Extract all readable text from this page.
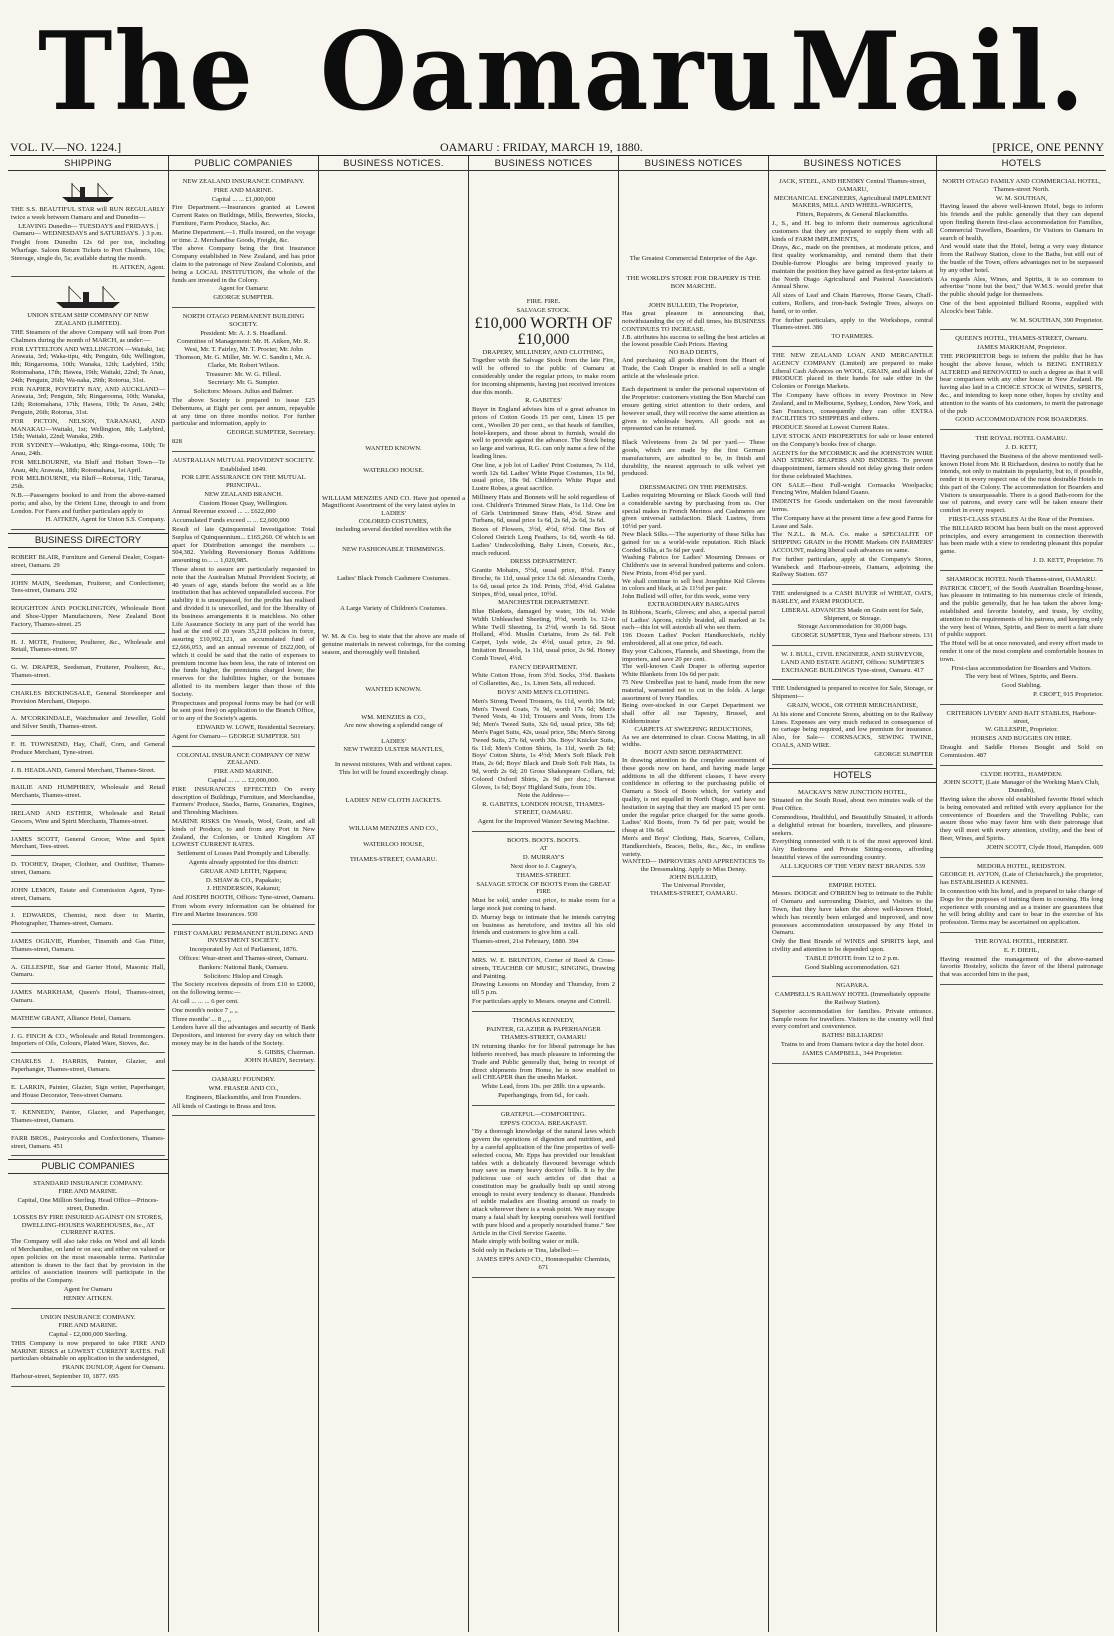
The Oamaru Mail.
VOL. IV.—NO. 1224.]	OAMARU : FRIDAY, MARCH 19, 1880.	[PRICE, ONE PENNY
SHIPPING

THE S.S. BEAUTIFUL STAR will RUN REGULARLY twice a week between Oamaru and and Dunedin—

LEAVING Dunedin— TUESDAYS and FRIDAYS. | Oamaru— WEDNESDAYS and SATURDAYS. } 3 p.m.

Freight from Dunedin 12s 6d per ton, including Wharfage. Saloon Return Tickets to Port Chalmers, 10s; Steerage, single do, 5s; available during the month.

H. AITKEN, Agent.

UNION STEAM SHIP COMPANY OF NEW ZEALAND (LIMITED).

THE Steamers of the above Company will sail from Port Chalmers during the month of MARCH, as under:—

FOR LYTTELTON AND WELLINGTON —Waitaki, 1st; Arawata, 3rd; Waka-tipu, 4th; Penguin, 6th; Wellington, 8th; Ringarooma, 10th; Wanaka, 12th; Ladybird, 15th; Rotomahana, 17th; Hawea, 19th; Waitaki, 22nd; Te Anau, 24th; Penguin, 26th; Wa-naka, 29th; Rotorua, 31st.

FOR NAPIER, POVERTY BAY, AND AUCKLAND—Arawata, 3rd; Penguin, 5th; Ringarooma, 10th; Wanaka, 12th; Rotomahana, 17th; Hawea, 19th; Te Anau, 24th; Penguin, 26th; Rotorua, 31st.

FOR PICTON, NELSON, TARANAKI, AND MANAKAU—Waitaki, 1st; Wellington, 8th; Ladybird, 15th; Waitaki, 22nd; Wanaka, 29th.

FOR SYDNEY—Wakatipu, 4th; Ringa-rooma, 10th; Te Anau, 24th.

FOR MELBOURNE, via Bluff and Hobart Town—Te Anau, 4th; Arawata, 18th; Rotomahana, 1st April.

FOR MELBOURNE, via Bluff—Rotorua, 11th; Tararua, 25th.

N.B.—Passengers booked to and from the above-named ports; and also, by the Orient Line, through to and from London. For Fares and further particulars apply to

H. AITKEN, Agent for Union S.S. Company.

BUSINESS DIRECTORY

ROBERT BLAIR, Furniture and General Dealer, Coquet-street, Oamaru. 29

JOHN MAIN, Seedsman, Fruiterer, and Confectioner, Tees-street, Oamaru. 292

ROUGHTON AND POCKLINGTON, Wholesale Boot and Shoe-Upper Manufacturers, New Zealand Boot Factory, Thames-street. 25

H. J. MOTE, Fruiterer, Poulterer, &c., Wholesale and Retail, Thames-street. 97

G. W. DRAPER, Seedsman, Fruiterer, Poulterer, &c., Thames-street.

CHARLES BECKINGSALE, General Storekeeper and Provision Merchant, Otepopo.

A. M'CORKINDALE, Watchmaker and Jeweller, Gold and Silver Smith, Thames-street.

F. H. TOWNSEND, Hay, Chaff, Corn, and General Produce Merchant, Tyne-street.

J. B. HEADLAND, General Merchant, Thames-Street.

BAILIE AND HUMPHREY, Wholesale and Retail Merchants, Thames-street.

IRELAND AND ESTHER, Wholesale and Retail Grocers, Wine and Spirit Merchants, Thames-street.

JAMES SCOTT, General Grocer, Wine and Spirit Merchant, Tees-street.

D. TOOHEY, Draper, Clothier, and Outfitter, Thames-street, Oamaru.

JOHN LEMON, Estate and Commission Agent, Tyne-street, Oamaru.

J. EDWARDS, Chemist, next door to Martin, Photographer, Thames-street, Oamaru.

JAMES OGILVIE, Plumber, Tinsmith and Gas Fitter, Thames-street, Oamaru.

A. GILLESPIE, Star and Garter Hotel, Masonic Hall, Oamaru.

JAMES MARKHAM, Queen's Hotel, Thames-street, Oamaru.

MATHEW GRANT, Alliance Hotel, Oamaru.

J. G. FINCH & CO., Wholesale and Retail Ironmongers. Importers of Oils, Colours, Plated Ware, Stoves, &c.

CHARLES J. HARRIS, Painter, Glazier, and Paperhanger, Thames-street, Oamaru.

E. LARKIN, Painter, Glazier, Sign writer, Paperhanger, and House Decorator, Tees-street Oamaru.

T. KENNEDY, Painter, Glazier, and Paperhanger, Thames-street, Oamaru.

FARR BROS., Pastrycooks and Confectioners, Thames-street, Oamaru. 451

PUBLIC COMPANIES

STANDARD INSURANCE COMPANY.

FIRE AND MARINE.

Capital, One Million Sterling. Head Office—Princes-street, Dunedin.

LOSSES BY FIRE INSURED AGAINST ON STORES, DWELLING-HOUSES WAREHOUSES, &c., AT CURRENT RATES.

The Company will also take risks on Wool and all kinds of Merchandise, on land or on sea; and either on valued or open policies on the most reasonable terms. Particular attention is drawn to the fact that by provision in the articles of association insurers will participate in the profits of the Company.

Agent for Oamaru

HENRY AITKEN.

UNION INSURANCE COMPANY.

FIRE AND MARINE.

Capital - £2,000,000 Sterling.

THIS Company is now prepared to take FIRE AND MARINE RISKS at LOWEST CURRENT RATES. Full particulars obtainable on application to the undersigned,

FRANK DUNLOP, Agent for Oamaru.

Harbour-street, September 10, 1877. 695

PUBLIC COMPANIES

NEW ZEALAND INSURANCE COMPANY.

FIRE AND MARINE.

Capital ... ... £1,000,000

Fire Department.—Insurances granted at Lowest Current Rates on Buildings, Mills, Breweries, Stocks, Furniture, Farm Produce, Stacks, &c.

Marine Department.—1. Hulls insured, on the voyage or time. 2. Merchandise Goods, Freight, &c.

The above Company being the first Insurance Company established in New Zealand, and has prior claim to the patronage of New Zealand Colonists, and being a LOCAL INSTITUTION, the whole of the funds are invested in the Colony.

Agent for Oamaru:

GEORGE SUMPTER.

NORTH OTAGO PERMANENT BUILDING SOCIETY.

President: Mr. A. J. S. Headland.

Committee of Management: Mr. H. Aitken, Mr. R. West, Mr. T. Fairley, Mr. T. Procter, Mr. John Thomson, Mr. G. Miller, Mr. W. C. Sandin t, Mr. A. Clarke, Mr. Robert Wilson.

Treasurer: Mr. W. G. Filleul.

Secretary: Mr. G. Sumpter.

Solicitors: Messrs. Julius and Balmer.

The above Society is prepared to issue £25 Debentures, at Eight per cent. per annum, repayable at any time on three months notice. For further particular and information, apply to

GEORGE SUMPTER, Secretary.

828

AUSTRALIAN MUTUAL PROVIDENT SOCIETY.

Established 1849.

FOR LIFE ASSURANCE ON THE MUTUAL PRINCIPAL.

NEW ZEALAND BRANCH.

Custom House Quay, Wellington.

Annual Revenue exceed ... ... £622,000

Accumulated Funds exceed ... ... £2,600,000

Result of late Quinquennial Investigation: Total Surplus of Quinquennium... £165,260. Of which is set apart for Distribution amongst the members ... 504,382. Yielding Reversionary Bonus Additions amounting to... ... 1,020,985.

These about to assure are particularly requested to note that the Australian Mutual Provident Society, at 40 years of age, stands before the world as a life institution that has achieved unparalleled success. For stability it is unsurpassed, for the profits has realised and divided it is unexcelled, and for the liberality of its business arrangements it is matchless. No other Life Assurance Society in any part of the world has had at the end of 20 years 35,218 policies in force, assuring £10,992,121, an accumulated fund of £2,666,053, and an annual revenue of £622,000, of which it could be said that the ratio of expenses to premium income has been less, the rate of interest on the funds higher, the premiums charged lower, the reserves for the liabilities higher, or the bonuses allotted to its members larger than those of this Society.

Prospectuses and proposal forms may be had (or will be sent post free) on application to the Branch Office, or to any of the Society's agents.

EDWARD W. LOWE, Residential Secretary.

Agent for Oamaru— GEORGE SUMPTER. 501

COLONIAL INSURANCE COMPANY OF NEW ZEALAND.

FIRE AND MARINE.

Capital ... ... ... £2,000,000.

FIRE INSURANCES EFFECTED On every description of Buildings, Furniture, and Merchandise, Farmers' Produce, Stacks, Barns, Granaries, Engines, and Threshing Machines.

MARINE RISKS On Vessels, Wool, Grain, and all kinds of Produce, to and from any Port in New Zealand, the Colonies, or United Kingdom AT LOWEST CURRENT RATES.

Settlement of Losses Paid Promptly and Liberally.

Agents already appointed for this district:

GRUAR AND LEITH, Ngapara;

D. SHAW & CO., Papakaio;

J. HENDERSON, Kakanui;

And JOSEPH BOOTH, Offices: Tyne-street, Oamaru.

From whom every information can be obtained for Fire and Marine Insurances. 930

FIRST OAMARU PERMANENT BUILDING AND INVESTMENT SOCIETY.

Incorporated by Act of Parliament, 1876.

Offices: Wear-street and Thames-street, Oamaru.

Bankers: National Bank, Oamaru.

Solicitors: Hislop and Creagh.

The Society receives deposits of from £10 to £2000, on the following terms:—

At call ... ... ... 6 per cent.

One month's notice 7 ,, ,,

Three months' ... 8 ,, ,,

Lenders have all the advantages and security of Bank Depositors, and interest for every day on which their money may be in the hands of the Society.

S. GIBBS, Chairman.

JOHN HARDY, Secretary.

OAMARU FOUNDRY.

WM. FRASER AND CO.,

Engineers, Blacksmiths, and Iron Founders.

All kinds of Castings in Brass and Iron.

BUSINESS NOTICES.

WANTED KNOWN.

WATERLOO HOUSE.

WILLIAM MENZIES AND CO. Have just opened a Magnificent Assortment of the very latest styles in

LADIES'

COLORED COSTUMES,

including several decided novelties with the

NEW FASHIONABLE TRIMMINGS.

Ladies' Black French Cashmere Costumes.

A Large Variety of Children's Costumes.

W. M. & Co. beg to state that the above are made of genuine materials in newest colorings, for the coming season, and thoroughly well finished.

WANTED KNOWN.

WM. MENZIES & CO.,

Are now showing a splendid range of

LADIES'

NEW TWEED ULSTER MANTLES,

In newest mixtures, With and without capes.

This lot will be found exceedingly cheap.

LADIES' NEW CLOTH JACKETS.

WILLIAM MENZIES AND CO.,

WATERLOO HOUSE,

THAMES-STREET, OAMARU.

BUSINESS NOTICES

FIRE. FIRE.

SALVAGE STOCK.

£10,000 WORTH OF £10,000

DRAPERY, MILLINERY, AND CLOTHING,

Together with the Salvage Stock from the late Fire, will be offered to the public of Oamaru at considerably under the regular prices, to make room for incoming shipments, having just received invoices due this month.

R. GABITES'

Buyer in England advises him of a great advance in prices of Cotton Goods 15 per cent, Linen 15 per cent., Woollen 20 per cent., so that heads of families, hotel-keepers, and those about to furnish, would do well to provide against the advance. The Stock being so large and various, R.G. can only name a few of the leading lines.

One line, a job lot of Ladies' Print Costumes, 7s 11d, worth 12s 6d. Ladies' White Pique Costumes, 11s 9d, usual price, 18s 9d. Children's White Pique and Lustre Robes, a great sacrifice.

Millinery Hats and Bonnets will be sold regardless of cost. Children's Trimmed Straw Hats, 1s 11d. One lot of Girls Untrimmed Straw Hats, 4½d. Straw and Turbans, 6d, usual price 1s 6d, 2s 6d, 2s 6d, 3s 6d.

Boxes of Flowers, 3½d, 4½d, 6½d. One Box of Colored Ostrich Long Feathers, 1s 6d, worth 4s 6d. Ladies' Undecolothing, Baby Linen, Corsets, &c., much reduced.

DRESS DEPARTMENT.

Granite Mohairs, 5½d, usual price, 8½d. Fancy Broche, 6s 11d, usual price 13s 6d. Alexandra Cords, 1s 6d, usual price 2s 10d. Prints, 3½d, 4½d. Galatea Stripes, 8½d, usual price, 10½d.

MANCHESTER DEPARTMENT.

Blue Blankets, damaged by water, 10s 6d. Wide Width Unbleached Sheeting, 9½d, worth 1s. 12-in White Twill Sheeting, 1s 2½d, worth 1s 6d. Stout Holland, 4½d. Muslin Curtains, from 2s 6d. Felt Carpet, 1yds wide, 2s 4½d, usual price, 2s 9d. Imitation Brussels, 1s 11d, usual price, 2s 9d. Honey Comb Towel, 4½d.

FANCY DEPARTMENT.

White Cotton Hose, from 3½d. Socks, 3½d. Baskets of Collarettes, &c., 1s. Linen Sets, all reduced.

BOYS' AND MEN'S CLOTHING.

Men's Strong Tweed Trousers, 6s 11d, worth 10s 6d; Men's Tweed Coats, 7s 9d, worth 17s 6d; Men's Tweed Vests, 4s 11d; Trousers and Vests, from 13s 9d; Men's Tweed Suits, 32s 6d, usual price, 38s 6d; Men's Paget Suits, 42s, usual price, 58s; Men's Strong Tweed Suits, 27s 6d, worth 30s. Boys' Knicker Suits, 6s 11d; Men's Cotton Shirts, 1s 11d, worth 2s 6d; Boys' Cotton Shirts, 1s 4½d; Men's Soft Black Felt Hats, 2s 6d; Boys' Black and Drab Soft Felt Hats, 1s 9d, worth 2s 6d; 20 Gross Shakespeare Collars, 6d; Colored Oxford Shirts, 2s 9d per doz.; Harvest Gloves, 1s 6d; Boys' Highland Suits, from 10s.

Note the Address—

R. GABITES, LONDON HOUSE, THAMES-STREET, OAMARU.

Agent for the Improved Wanzer Sewing Machine.

BOOTS. BOOTS. BOOTS.

AT

D. MURRAY'S

Next door to J. Cagney's,

THAMES-STREET.

SALVAGE STOCK OF BOOTS From the GREAT FIRE

Must be sold, under cost price, to make room for a large stock just coming to hand.

D. Murray begs to intimate that he intends carrying on business as heretofore, and invites all his old friends and customers to give him a call.

Thames-street, 21st February, 1880. 394

MRS. W. E. BRUNTON, Corner of Reed & Cross-streets, TEACHER OF MUSIC, SINGING, Drawing and Painting.

Drawing Lessons on Monday and Thursday, from 2 till 5 p.m.

For particulars apply to Messrs. onayne and Cottrell.

THOMAS KENNEDY,

PAINTER, GLAZIER & PAPERHANGER

THAMES-STREET, OAMARU

IN returning thanks for for liberal patronage he has hitherto received, has much pleasure in informing the Trade and Public generally that, being in receipt of direct shipments from Home, he is now enabled to sell CHEAPER than the unedin Market.

White Lead, from 10s. per 28lb. tin a upwards.

Paperhangings, from 6d., for cash.

GRATEFUL—COMFORTING.

EPPS'S COCOA. BREAKFAST.

"By a thorough knowledge of the natural laws which govern the operations of digestion and nutrition, and by a careful application of the fine properties of well-selected cocoa, Mr. Epps has provided our breakfast tables with a delicately flavoured beverage which may save us many heavy doctors' bills. It is by the judicious use of such articles of diet that a constitution may be gradually built up until strong enough to resist every tendency to disease. Hundreds of subtle maladies are floating around us ready to attack wherever there is a weak point. We may escape many a fatal shaft by keeping ourselves well fortified with pure blood and a properly nourished frame." See Article in the Civil Service Gazette.

Made simply with boiling water or milk.

Sold only in Packets or Tins, labelled:—

JAMES EPPS AND CO., Homœopathic Chemists, 671

BUSINESS NOTICES

The Greatest Commercial Enterprise of the Age.

THE WORLD'S STORE FOR DRAPERY IS THE BON MARCHE.

JOHN BULLEID, The Proprietor,

Has great pleasure in announcing that, notwithstanding the cry of dull times, his BUSINESS CONTINUES TO INCREASE.

J.B. attributes his success to selling the best articles at the lowest possible Cash Prices. Having

NO BAD DEBTS,

And purchasing all goods direct from the Heart of Trade, the Cash Draper is enabled to sell a single article at the wholesale price.

Each department is under the personal supervision of the Proprietor: customers visiting the Bon Marché can ensure getting strict attention to their orders, and however small, they will receive the same attention as given to wholesale buyers. All goods not as represented can be returned.

Black Velveteens from 2s 9d per yard.— These goods, which are made by the first German manufacturers, are admitted to be, in finish and durability, the nearest approach to silk velvet yet produced.

DRESSMAKING ON THE PREMISES.

Ladies requiring Mourning or Black Goods will find a considerable saving by purchasing from us. Our special makes in French Merinos and Cashmeres are given universal satisfaction. Black Lustres, from 10½d per yard.

New Black Silks.—The superiority of these Silks has gained for us a world-wide reputation. Rich Black Corded Silks, at 5s 6d per yard.

Washing Fabrics for Ladies' Mourning Dresses or Children's use in several hundred patterns and colors. New Prints, from 4½d per yard.

We shall continue to sell best Josephine Kid Gloves in colors and black, at 2s 11½d per pair.

John Bulleid will offer, for this week, some very

EXTRAORDINARY BARGAINS

In Ribbons, Scarfs, Gloves; and also, a special parcel of Ladies' Aprons, richly braided, all marked at 1s each—this lot will astonish all who see them.

196 Dozen Ladies' Pocket Handkerchiefs, richly embroidered, all at one price, 6d each.

Buy your Calicoes, Flannels, and Sheetings, from the importers, and save 20 per cent.

The well-known Cash Draper is offering superior White Blankets from 10s 6d per pair.

75 New Umbrellas just to hand, made from the new material, warranted not to cut in the folds. A large assortment of Ivory Handles.

Being over-stocked in our Carpet Department we shall offer all our Tapestry, Brussel, and Kidderminster

CARPETS AT SWEEPING REDUCTIONS,

As we are determined to clear. Cocoa Matting, in all widths.

BOOT AND SHOE DEPARTMENT.

In drawing attention to the complete assortment of these goods now on hand, and having made large additions in all the different classes, I have every confidence in offering to the purchasing public of Oamaru a Stock of Boots which, for variety and quality, is not equalled in North Otago, and have no hesitation in saying that they are marked 15 per cent. under the regular price charged for the same goods. Ladies' Kid Boots, from 7s 6d per pair, would be cheap at 10s 6d.

Men's and Boys' Clothing, Hats, Scarves, Collars, Handkerchiefs, Braces, Belts, &c., &c., in endless variety.

WANTED— IMPROVERS AND APPRENTICES To the Dressmaking. Apply to Miss Denny.

JOHN BULLEID,

The Universal Provider,

THAMES-STREET, OAMARU.

BUSINESS NOTICES

JACK, STEEL, AND HENDRY Central Thames-street, OAMARU,

MECHANICAL ENGINEERS, Agricultural IMPLEMENT MAKERS, MILL AND WHEEL-WRIGHTS,

Fitters, Repairers, & General Blacksmiths.

J., S., and H. beg to inform their numerous agricultural customers that they are prepared to supply them with all kinds of FARM IMPLEMENTS,

Drays, &c., made on the premises, at moderate prices, and first quality workmanship, and remind them that their Double-furrow Ploughs are being improved yearly to maintain the position they have gained as first-prize takers at the North Otago Agricultural and Pastoral Association's Annual Show.

All sizes of Leaf and Chain Harrows, Horse Gears, Chaff-cutters, Rollers, and iron-back Swingle Trees, always on hand, or to order.

For further particulars, apply to the Workshops, central Thames-street. 386

TO FARMERS.

THE NEW ZEALAND LOAN AND MERCANTILE AGENCY COMPANY (Limited) are prepared to make Liberal Cash Advances on WOOL, GRAIN, and all kinds of PRODUCE placed in their hands for sale either in the Colonies or Foreign Markets.

The Company have offices in every Province in New Zealand, and in Melbourne, Sydney, London, New York, and San Francisco, consequently they can offer EXTRA FACILITIES TO SHIPPERS and others.

PRODUCE Stored at Lowest Current Rates.

LIVE STOCK AND PROPERTIES for sale or lease entered on the Company's books free of charge.

AGENTS for the M'CORMICK and the JOHNSTON WIRE AND STRING REAPERS AND BINDERS. To prevent disappointment, farmers should not delay giving their orders for these celebrated Machines.

ON SALE—Best Full-weight Cornsacks Woolpacks; Fencing Wire, Malden Island Guano.

INDENTS for Goods undertaken on the most favourable terms.

The Company have at the present time a few good Farms for Lease and Sale.

The N.Z.L. & M.A. Co. make a SPECIALITE OF SHIPPING GRAIN to the HOME Markets ON FARMERS' ACCOUNT, making liberal cash advances on same.

For further particulars, apply at the Company's Stores, Wansbeck and Harbour-streets, Oamaru, adjoining the Railway Station. 657

THE undersigned is a CASH BUYER of WHEAT, OATS, BARLEY, and FARM PRODUCE.

LIBERAL ADVANCES Made on Grain sent for Sale, Shipment, or Storage.

Storage Accommodation for 30,000 bags.

GEORGE SUMPTER, Tyne and Harbour streets. 131

W. J. BULL, CIVIL ENGINEER, AND SURVEYOR, LAND AND ESTATE AGENT, Offices: SUMPTER'S EXCHANGE BUILDINGS Tyne-street, Oamaru. 417

THE Undersigned is prepared to receive for Sale, Storage, or Shipment—

GRAIN, WOOL, OR OTHER MERCHANDISE,

At his stone and Concrete Stores, abutting on to the Railway Lines. Expenses are very much reduced in consequence of no cartage being required, and low premium for insurance. Also, for Sale— CORNSACKS, SEWING TWINE, COALS, AND WIRE.

GEORGE SUMPTER

HOTELS

MACKAY'S NEW JUNCTION HOTEL,

Situated on the South Road, about two minutes walk of the Post Office.

Commodious, Healthful, and Beautifully Situated, it affords a delightful retreat for boarders, travellers, and pleasure-seekers.

Everything connected with it is of the most approved kind. Airy Bedrooms and Private Sitting-rooms, affording beautiful views of the surrounding country.

ALL LIQUORS OF THE VERY BEST BRANDS. 539

EMPIRE HOTEL

Messrs. DODGE and O'BRIEN beg to intimate to the Public of Oamaru and surrounding District, and Visitors to the Town, that they have taken the above well-known Hotel, which has recently been enlarged and improved, and now possesses accommodation unsurpassed by any Hotel in Oamaru.

Only the Best Brands of WINES and SPIRITS kept, and civility and attention to be depended upon.

TABLE D'HOTE from 12 to 2 p.m.

Good Stabling accommodation. 621

NGAPARA.

CAMPBELL'S RAILWAY HOTEL (Immediately opposite the Railway Station).

Superior accommodation for families. Private entrance. Sample room for travellers. Visitors to the country will find every comfort and convenience.

BATHS! BILLIARDS!

Trains to and from Oamaru twice a day the hotel door.

JAMES CAMPBELL, 344 Proprietor.

HOTELS

NORTH OTAGO FAMILY AND COMMERCIAL HOTEL, Thames-street North.

W. M. SOUTHAN,

Having leased the above well-known Hotel, begs to inform his friends and the public generally that they can depend upon finding therein first-class accommodation for Families, Commercial Travellers, Boarders, Or Visitors to Oamaru In search of health,

And would state that the Hotel, being a very easy distance from the Railway Station, close to the Baths, but still out of the bustle of the Town, offers advantages not to be surpassed by any other hotel.

As regards Ales, Wines, and Spirits, it is so common to advertise "none but the best," that W.M.S. would prefer that the public should judge for themselves.

One of the best appointed Billiard Rooms, supplied with Alcock's best Table.

W. M. SOUTHAN, 390 Proprietor.

QUEEN'S HOTEL, THAMES-STREET, Oamaru.

JAMES MARKHAM, Proprietor.

THE PROPRIETOR begs to inform the public that he has bought the above house, which is BEING ENTIRELY ALTERED and RENOVATED to such a degree as that it will bear comparison with any other house in New Zealand. He having also laid in a CHOICE STOCK of WINES, SPIRITS, &c., and intending to keep none other, hopes by civility and attention to the wants of his customers, to merit the patronage of the pub

GOOD ACCOMMODATION FOR BOARDERS.

THE ROYAL HOTEL OAMARU.

J. D. KETT,

Having purchased the Business of the above mentioned well-known Hotel from Mr. R Richardson, desires to notify that he intends, not only to maintain its popularity, but to, if possible, render it in every respect one of the most desirable Hotels in this part of the Colony. The accommodation for Boarders and Visitors is unsurpassable. There is a good Bath-room for the use of patrons, and every care will be taken ensure their comfort in every respect.

FIRST-CLASS STABLES At the Rear of the Premises.

The BILLIARD ROOM has been built on the most approved principles, and every arrangement in connection therewith has been made with a view to rendering pleasant this popular game.

J. D. KETT, Proprietor. 76

SHAMROCK HOTEL North Thames-street, OAMARU.

PATRICK CROFT, of the South Australian Boarding-house, has pleasure in intimating to his numerous circle of friends, and the public generally, that he has taken the above long-established and favorite hostelry, and trusts, by civility, attention to the requirements of his patrons, and keeping only the very best of Wines, Spirits, and Beer to merit a fair share of public support.

The Hotel will be at once renovated, and every effort made to render it one of the most complete and comfortable houses in town.

First-class accommodation for Boarders and Visitors.

The very best of Wines, Spirits, and Beers.

Good Stabling.

P. CROFT, 915 Proprietor.

CRITERION LIVERY AND BAIT STABLES, Harbour-street,

W. GILLESPIE, Proprietor.

HORSES AND BUGGIES ON HIRE.

Draught and Saddle Horses Bought and Sold on Commission. 487

CLYDE HOTEL, HAMPDEN.

JOHN SCOTT, (Late Manager of the Working Man's Club, Dunedin),

Having taken the above old established favorite Hotel which is being renovated and refitted with every appliance for the convenience of Boarders and the Travelling Public, can assure those who may favor him with their patronage that they will meet with every attention, civility, and the best of Beer, Wines, and Spirits.

JOHN SCOTT, Clyde Hotel, Hampden. 609

MEDORA HOTEL, REIDSTON.

GEORGE H. AYTON, (Late of Christchurch,) the proprietor, has ESTABLISHED A KENNEL

In connection with his hotel, and is prepared to take charge of Dogs for the purposes of training them to coursing. His long experience with coursing and as a trainer are guarantees that he will bring ability and care to bear in the exercise of his profession. Terms may be ascertained on application.

THE ROYAL HOTEL, HERBERT.

E. F. DIEHL,

Having resumed the management of the above-named favorite Hostelry, solicits the favor of the liberal patronage that was accorded him in the past,
